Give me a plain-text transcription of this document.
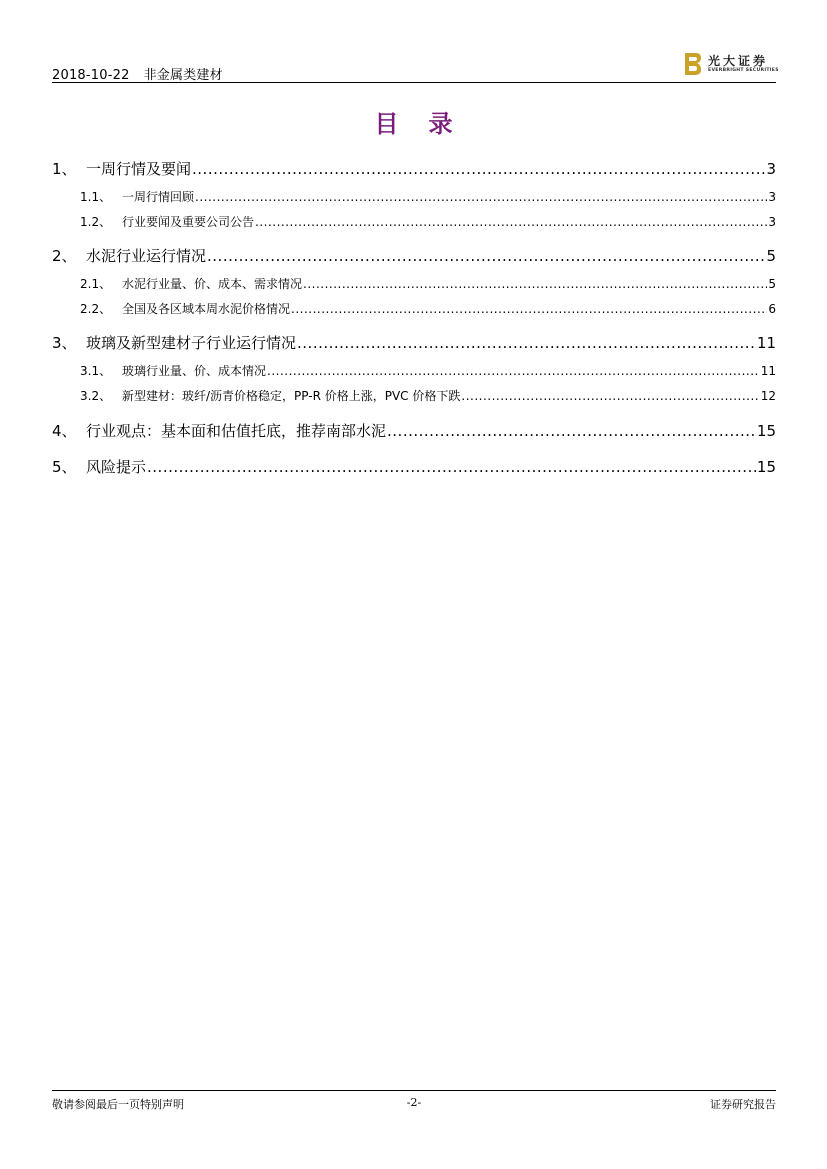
2018-10-22 非金属类建材
光大证券
EVERBRIGHT SECURITIES
目录
1、 一周行情及要闻 .....	3
1.1、 一周行情回顾 .....	3
1.2、 行业要闻及重要公司公告 .....	3
2、 水泥行业运行情况 .....	5
2.1、 水泥行业量、价、成本、需求情况 .....	5
2.2、 全国及各区域本周水泥价格情况 .....	6
3、 玻璃及新型建材子行业运行情况 .....	11
3.1、 玻璃行业量、价、成本情况 .....	11
3.2、 新型建材：玻纤/沥青价格稳定，PP-R 价格上涨，PVC 价格下跌 .....	12
4、 行业观点：基本面和估值托底，推荐南部水泥 .....	15
5、 风险提示 .....	15
敬请参阅最后一页特别声明	-2-	证券研究报告
